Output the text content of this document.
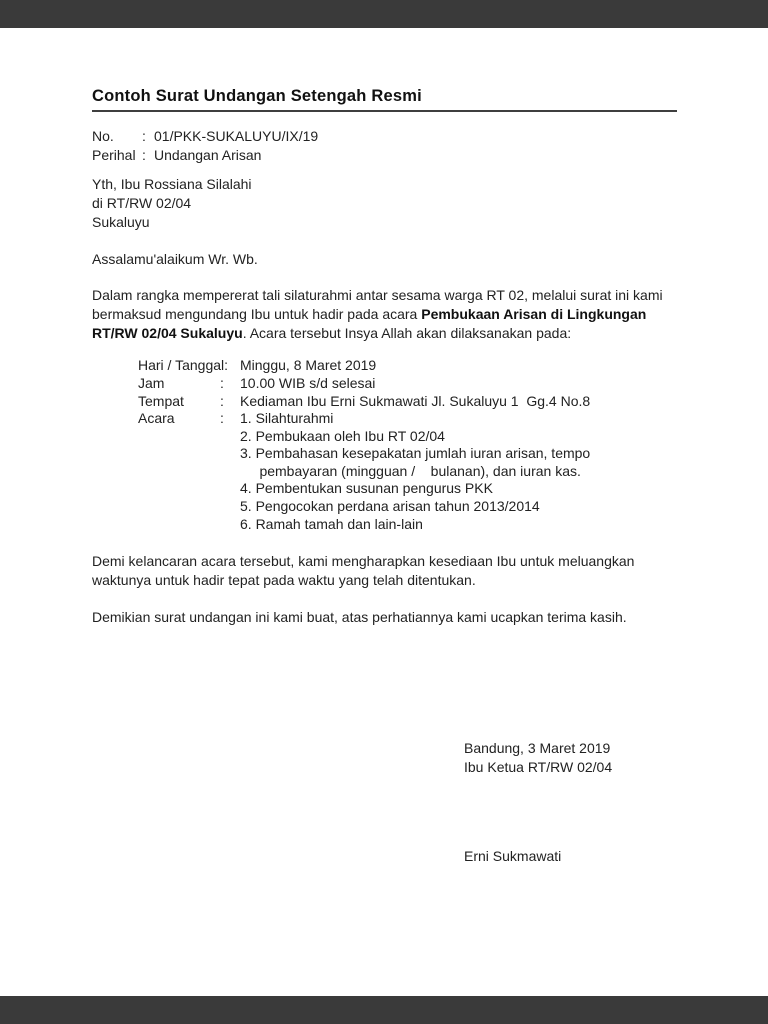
Contoh Surat Undangan Setengah Resmi
No.	: 01/PKK-SUKALUYU/IX/19
Perihal : Undangan Arisan
Yth, Ibu Rossiana Silalahi
di RT/RW 02/04
Sukaluyu
Assalamu'alaikum Wr. Wb.
Dalam rangka mempererat tali silaturahmi antar sesama warga RT 02, melalui surat ini kami
bermaksud mengundang Ibu untuk hadir pada acara Pembukaan Arisan di Lingkungan
RT/RW 02/04 Sukaluyu. Acara tersebut Insya Allah akan dilaksanakan pada:
Hari / Tanggal: Minggu, 8 Maret 2019
Jam	:	10.00 WIB s/d selesai
Tempat	:	Kediaman Ibu Erni Sukmawati Jl. Sukaluyu 1  Gg.4 No.8
Acara	:	1. Silahturahmi
2. Pembukaan oleh Ibu RT 02/04
3. Pembahasan kesepakatan jumlah iuran arisan, tempo
pembayaran (mingguan /    bulanan), dan iuran kas.
4. Pembentukan susunan pengurus PKK
5. Pengocokan perdana arisan tahun 2013/2014
6. Ramah tamah dan lain-lain
Demi kelancaran acara tersebut, kami mengharapkan kesediaan Ibu untuk meluangkan
waktunya untuk hadir tepat pada waktu yang telah ditentukan.
Demikian surat undangan ini kami buat, atas perhatiannya kami ucapkan terima kasih.
Bandung, 3 Maret 2019
Ibu Ketua RT/RW 02/04
Erni Sukmawati
